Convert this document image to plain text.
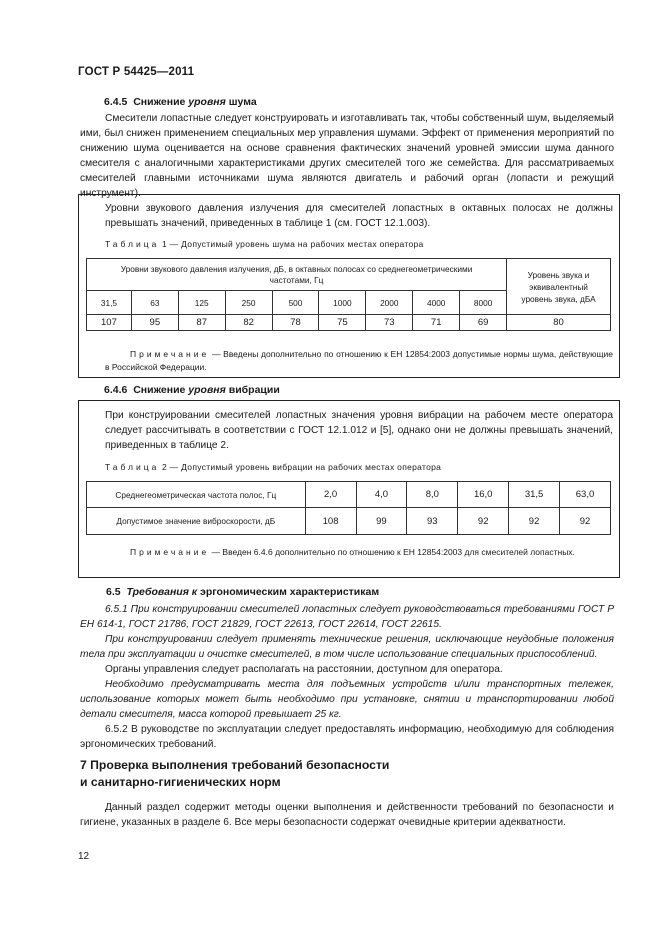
ГОСТ Р 54425—2011
6.4.5 Снижение уровня шума

Смесители лопастные следует конструировать и изготавливать так, чтобы собственный шум, выделяемый ими, был снижен применением специальных мер управления шумами. Эффект от применения мероприятий по снижению шума оценивается на основе сравнения фактических значений уровней эмиссии шума данного смесителя с аналогичными характеристиками других смесителей того же семейства. Для рассматриваемых смесителей главными источниками шума являются двигатель и рабочий орган (лопасти и режущий инструмент).

Уровни звукового давления излучения для смесителей лопастных в октавных полосах не должны превышать значений, приведенных в таблице 1 (см. ГОСТ 12.1.003).

Таблица 1 — Допустимый уровень шума на рабочих местах оператора
Уровни звукового давления излучения, дБ, в октавных полосах со среднегеометрическими частотами, Гц									Уровень звука и эквивалентный уровень звука, дБА
31,5	63	125	250	500	1000	2000	4000	8000	
107	95	87	82	78	75	73	71	69	80
Примечание — Введены дополнительно по отношению к ЕН 12854:2003 допустимые нормы шума, действующие в Российской Федерации.
6.4.6 Снижение уровня вибрации

При конструировании смесителей лопастных значения уровня вибрации на рабочем месте оператора следует рассчитывать в соответствии с ГОСТ 12.1.012 и [5], однако они не должны превышать значений, приведенных в таблице 2.

Таблица 2 — Допустимый уровень вибрации на рабочих местах оператора
Среднегеометрическая частота полос, Гц	2,0	4,0	8,0	16,0	31,5	63,0
Допустимое значение виброскорости, дБ	108	99	93	92	92	92
Примечание — Введен 6.4.6 дополнительно по отношению к ЕН 12854:2003 для смесителей лопастных.
6.5 Требования к эргономическим характеристикам

6.5.1 При конструировании смесителей лопастных следует руководствоваться требованиями ГОСТ Р ЕН 614-1, ГОСТ 21786, ГОСТ 21829, ГОСТ 22613, ГОСТ 22614, ГОСТ 22615.

При конструировании следует применять технические решения, исключающие неудобные положения тела при эксплуатации и очистке смесителей, в том числе использование специальных приспособлений.

Органы управления следует располагать на расстоянии, доступном для оператора.

Необходимо предусматривать места для подъемных устройств и/или транспортных тележек, использование которых может быть необходимо при установке, снятии и транспортировании любой детали смесителя, масса которой превышает 25 кг.

6.5.2 В руководстве по эксплуатации следует предоставлять информацию, необходимую для соблюдения эргономических требований.

7 Проверка выполнения требований безопасности
и санитарно-гигиенических норм

Данный раздел содержит методы оценки выполнения и действенности требований по безопасности и гигиене, указанных в разделе 6. Все меры безопасности содержат очевидные критерии адекватности.

12
